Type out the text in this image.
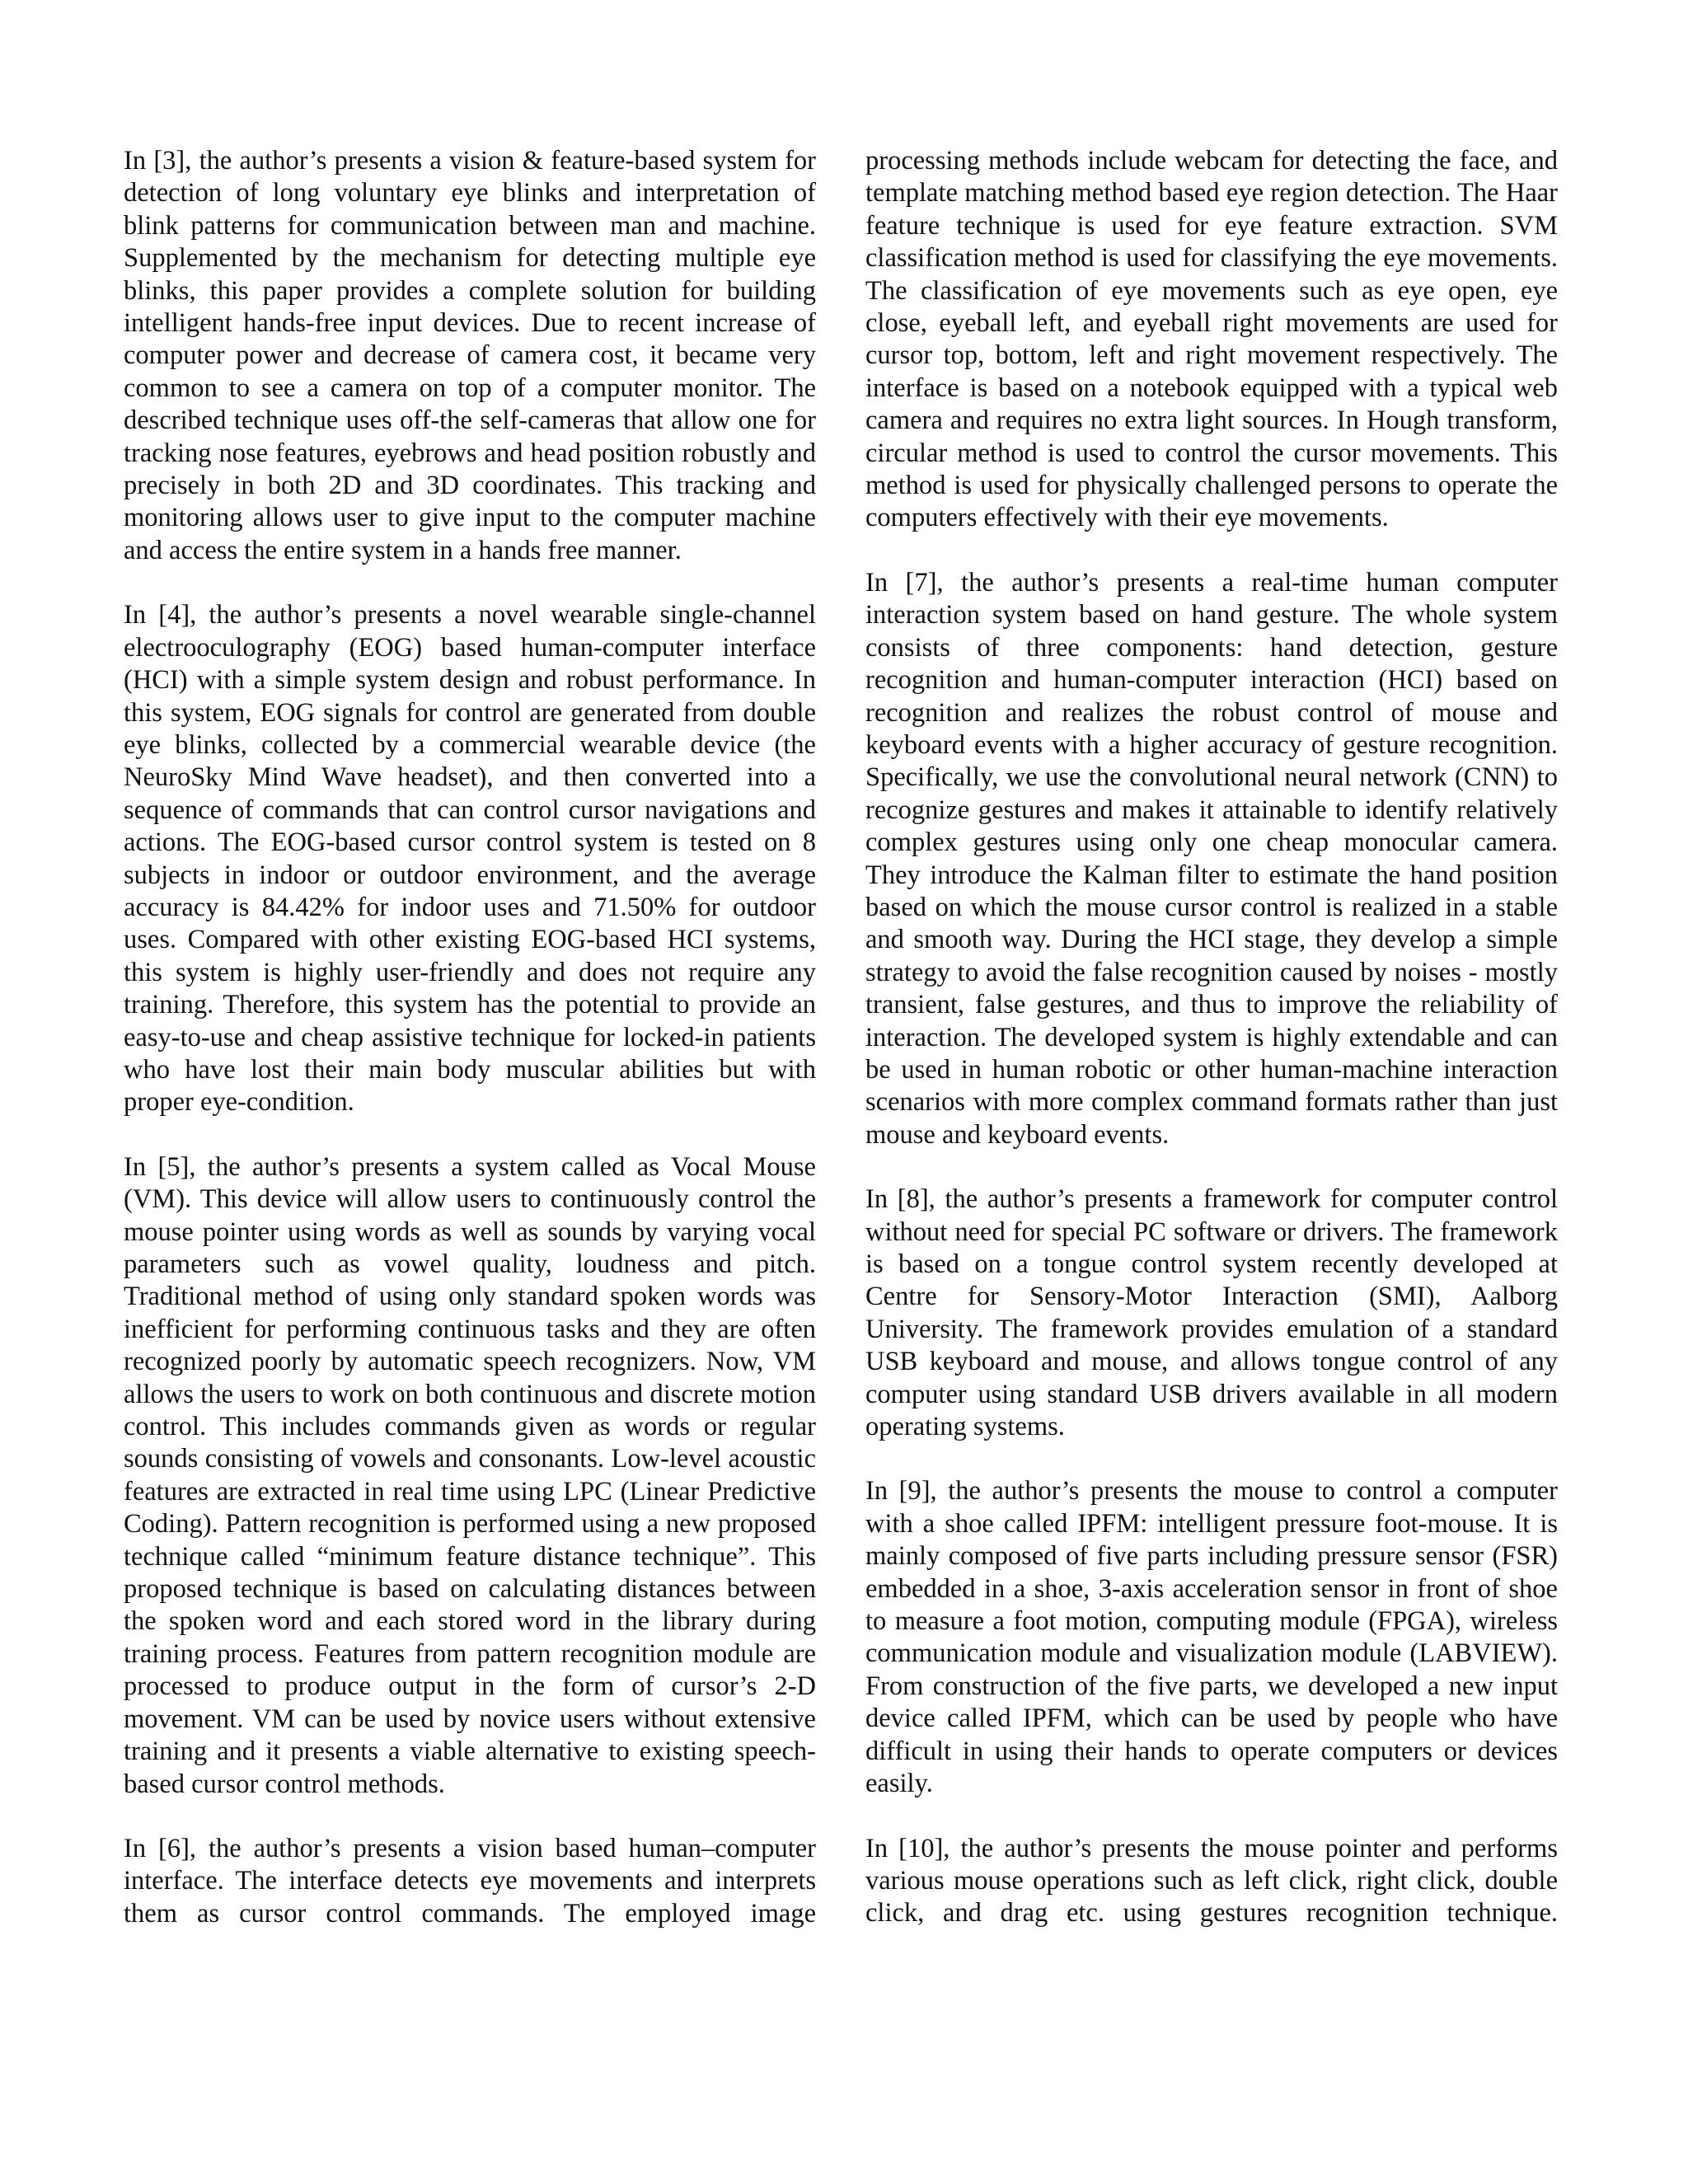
In [3], the author’s presents a vision & feature-based system for detection of long voluntary eye blinks and interpretation of blink patterns for communication between man and machine. Supplemented by the mechanism for detecting multiple eye blinks, this paper provides a complete solution for building intelligent hands-free input devices. Due to recent increase of computer power and decrease of camera cost, it became very common to see a camera on top of a computer monitor. The described technique uses off-the self-cameras that allow one for tracking nose features, eyebrows and head position robustly and precisely in both 2D and 3D coordinates. This tracking and monitoring allows user to give input to the computer machine and access the entire system in a hands free manner.

In [4], the author’s presents a novel wearable single-channel electrooculography (EOG) based human-computer interface (HCI) with a simple system design and robust performance. In this system, EOG signals for control are generated from double eye blinks, collected by a commercial wearable device (the NeuroSky Mind Wave headset), and then converted into a sequence of commands that can control cursor navigations and actions. The EOG-based cursor control system is tested on 8 subjects in indoor or outdoor environment, and the average accuracy is 84.42% for indoor uses and 71.50% for outdoor uses. Compared with other existing EOG-based HCI systems, this system is highly user-friendly and does not require any training. Therefore, this system has the potential to provide an easy-to-use and cheap assistive technique for locked-in patients who have lost their main body muscular abilities but with proper eye-condition.

In [5], the author’s presents a system called as Vocal Mouse (VM). This device will allow users to continuously control the mouse pointer using words as well as sounds by varying vocal parameters such as vowel quality, loudness and pitch. Traditional method of using only standard spoken words was inefficient for performing continuous tasks and they are often recognized poorly by automatic speech recognizers. Now, VM allows the users to work on both continuous and discrete motion control. This includes commands given as words or regular sounds consisting of vowels and consonants. Low-level acoustic features are extracted in real time using LPC (Linear Predictive Coding). Pattern recognition is performed using a new proposed technique called “minimum feature distance technique”. This proposed technique is based on calculating distances between the spoken word and each stored word in the library during training process. Features from pattern recognition module are processed to produce output in the form of cursor’s 2-D movement. VM can be used by novice users without extensive training and it presents a viable alternative to existing speech-based cursor control methods.

In [6], the author’s presents a vision based human–computer interface. The interface detects eye movements and interprets them as cursor control commands. The employed image

processing methods include webcam for detecting the face, and template matching method based eye region detection. The Haar feature technique is used for eye feature extraction. SVM classification method is used for classifying the eye movements. The classification of eye movements such as eye open, eye close, eyeball left, and eyeball right movements are used for cursor top, bottom, left and right movement respectively. The interface is based on a notebook equipped with a typical web camera and requires no extra light sources. In Hough transform, circular method is used to control the cursor movements. This method is used for physically challenged persons to operate the computers effectively with their eye movements.

In [7], the author’s presents a real-time human computer interaction system based on hand gesture. The whole system consists of three components: hand detection, gesture recognition and human-computer interaction (HCI) based on recognition and realizes the robust control of mouse and keyboard events with a higher accuracy of gesture recognition. Specifically, we use the convolutional neural network (CNN) to recognize gestures and makes it attainable to identify relatively complex gestures using only one cheap monocular camera. They introduce the Kalman filter to estimate the hand position based on which the mouse cursor control is realized in a stable and smooth way. During the HCI stage, they develop a simple strategy to avoid the false recognition caused by noises - mostly transient, false gestures, and thus to improve the reliability of interaction. The developed system is highly extendable and can be used in human robotic or other human-machine interaction scenarios with more complex command formats rather than just mouse and keyboard events.

In [8], the author’s presents a framework for computer control without need for special PC software or drivers. The framework is based on a tongue control system recently developed at Centre for Sensory-Motor Interaction (SMI), Aalborg University. The framework provides emulation of a standard USB keyboard and mouse, and allows tongue control of any computer using standard USB drivers available in all modern operating systems.

In [9], the author’s presents the mouse to control a computer with a shoe called IPFM: intelligent pressure foot-mouse. It is mainly composed of five parts including pressure sensor (FSR) embedded in a shoe, 3-axis acceleration sensor in front of shoe to measure a foot motion, computing module (FPGA), wireless communication module and visualization module (LABVIEW). From construction of the five parts, we developed a new input device called IPFM, which can be used by people who have difficult in using their hands to operate computers or devices easily.

In [10], the author’s presents the mouse pointer and performs various mouse operations such as left click, right click, double click, and drag etc. using gestures recognition technique.
